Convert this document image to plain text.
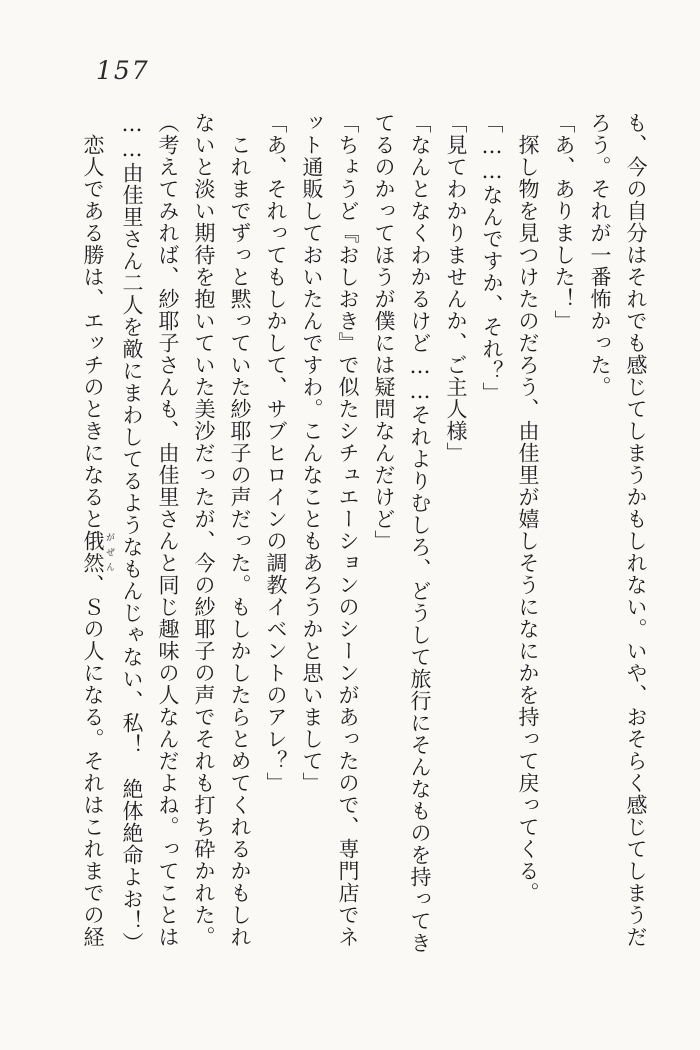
157

も、今の自分はそれでも感じてしまうかもしれない。いや、おそらく感じてしまうだ

ろう。それが一番怖かった。

「あ、ありました！」

探し物を見つけたのだろう、由佳里が嬉しそうになにかを持って戻ってくる。

「……なんですか、それ？」

「見てわかりませんか、ご主人様」

「なんとなくわかるけど……それよりむしろ、どうして旅行にそんなものを持ってき

てるのかってほうが僕には疑問なんだけど」

「ちょうど『おしおき』で似たシチュエーションのシーンがあったので、専門店でネ

ット通販しておいたんですわ。こんなこともあろうかと思いまして」

「あ、それってもしかして、サブヒロインの調教イベントのアレ？」

これまでずっと黙っていた紗耶子の声だった。もしかしたらとめてくれるかもしれ

ないと淡い期待を抱いていた美沙だったが、今の紗耶子の声でそれも打ち砕かれた。

（考えてみれば、紗耶子さんも、由佳里さんと同じ趣味の人なんだよね。ってことは

……由佳里さん二人を敵にまわしてるようなもんじゃない、私！　絶体絶命よお！）

恋人である勝は、エッチのときになると俄然 がぜん、Ｓの人になる。それはこれまでの経
